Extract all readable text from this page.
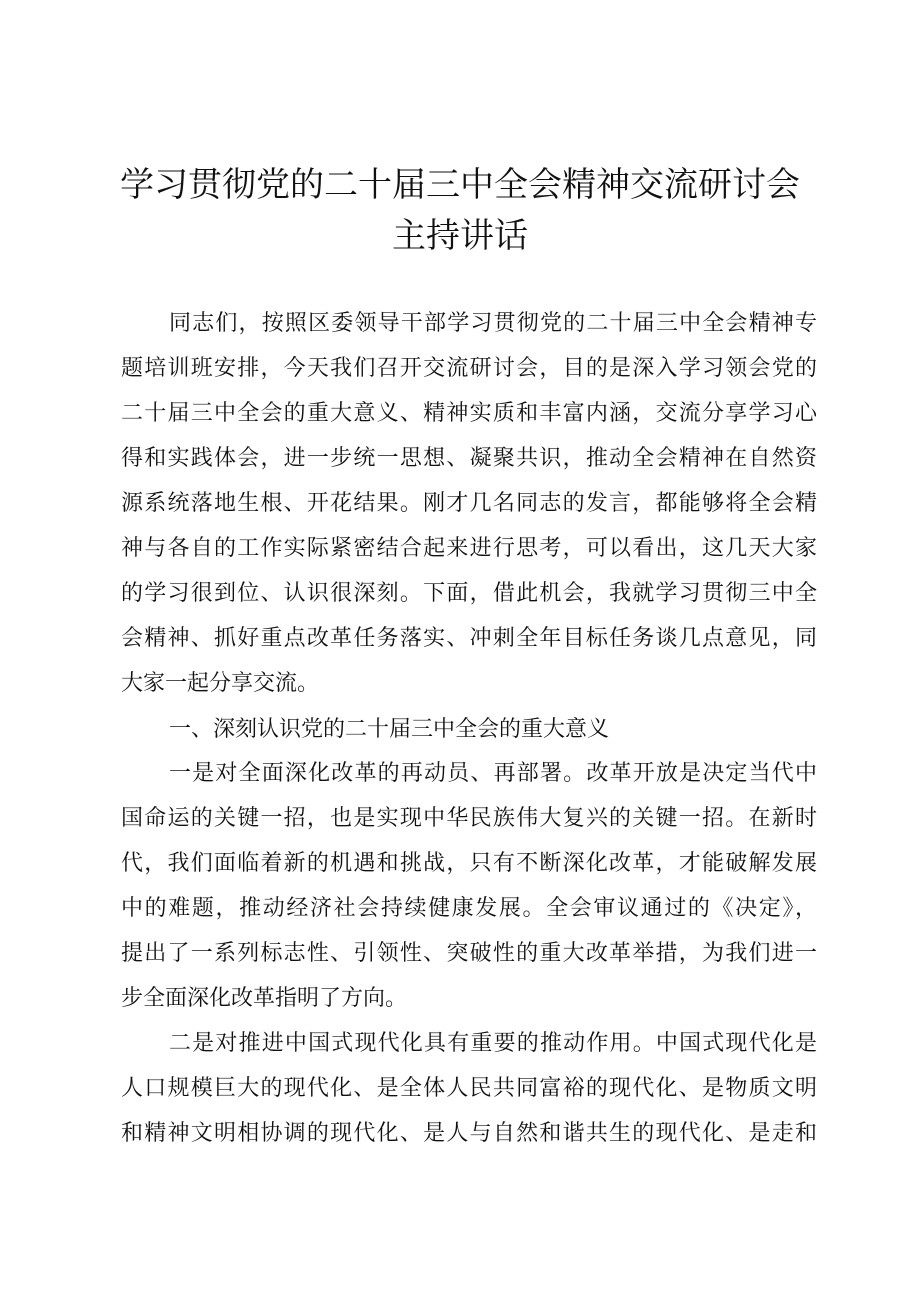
学习贯彻党的二十届三中全会精神交流研讨会
主持讲话
同志们，按照区委领导干部学习贯彻党的二十届三中全会精神专
题培训班安排，今天我们召开交流研讨会，目的是深入学习领会党的
二十届三中全会的重大意义、精神实质和丰富内涵，交流分享学习心
得和实践体会，进一步统一思想、凝聚共识，推动全会精神在自然资
源系统落地生根、开花结果。刚才几名同志的发言，都能够将全会精
神与各自的工作实际紧密结合起来进行思考，可以看出，这几天大家
的学习很到位、认识很深刻。下面，借此机会，我就学习贯彻三中全
会精神、抓好重点改革任务落实、冲刺全年目标任务谈几点意见，同
大家一起分享交流。
一、深刻认识党的二十届三中全会的重大意义
一是对全面深化改革的再动员、再部署。改革开放是决定当代中
国命运的关键一招，也是实现中华民族伟大复兴的关键一招。在新时
代，我们面临着新的机遇和挑战，只有不断深化改革，才能破解发展
中的难题，推动经济社会持续健康发展。全会审议通过的《决定》，
提出了一系列标志性、引领性、突破性的重大改革举措，为我们进一
步全面深化改革指明了方向。
二是对推进中国式现代化具有重要的推动作用。中国式现代化是
人口规模巨大的现代化、是全体人民共同富裕的现代化、是物质文明
和精神文明相协调的现代化、是人与自然和谐共生的现代化、是走和
